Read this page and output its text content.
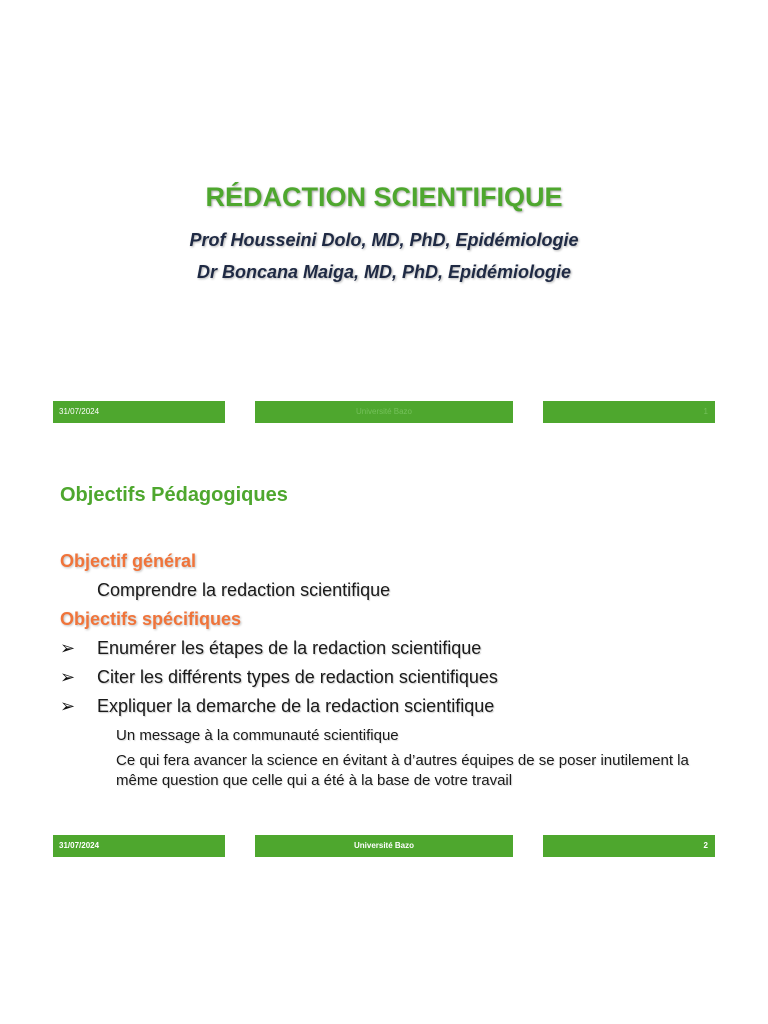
RÉDACTION SCIENTIFIQUE
Prof Housseini Dolo, MD, PhD, Epidémiologie
Dr Boncana Maiga, MD, PhD, Epidémiologie
31/07/2024	Université Bazo	1
Objectifs Pédagogiques
Objectif général
Comprendre la redaction scientifique
Objectifs spécifiques
➢ Enumérer les étapes de la redaction scientifique
➢ Citer les différents types de redaction scientifiques
➢ Expliquer la demarche de la redaction scientifique
Un message à la communauté scientifique
Ce qui fera avancer la science en évitant à d’autres équipes de se poser inutilement la même question que celle qui a été à la base de votre travail
31/07/2024	Université Bazo	2
